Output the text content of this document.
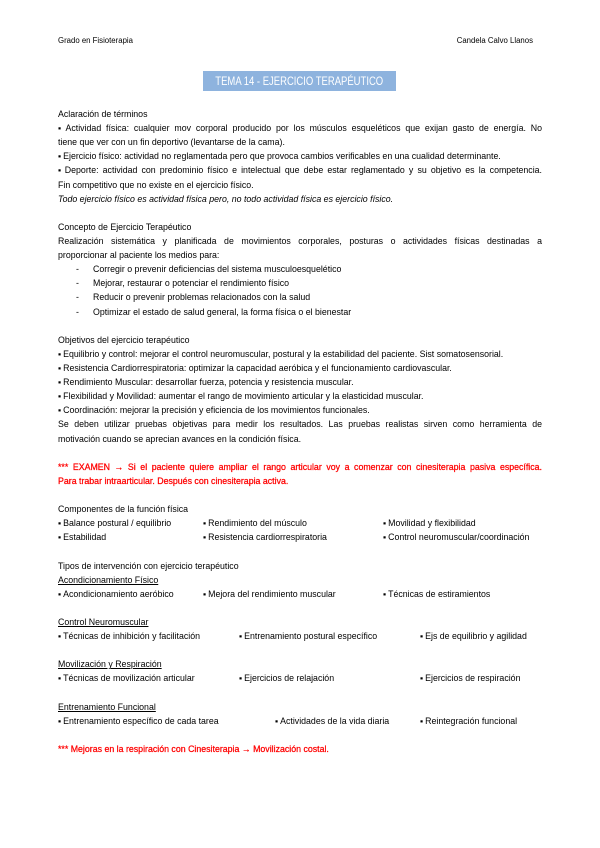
Grado en Fisioterapia	Candela Calvo Llanos
TEMA 14 - EJERCICIO TERAPÉUTICO
Aclaración de términos
▪ Actividad física: cualquier mov corporal producido por los músculos esqueléticos que exijan gasto de energía. No
tiene que ver con un fin deportivo (levantarse de la cama).
▪ Ejercicio físico: actividad no reglamentada pero que provoca cambios verificables en una cualidad determinante.
▪ Deporte: actividad con predominio físico e intelectual que debe estar reglamentado y su objetivo es la competencia.
Fin competitivo que no existe en el ejercicio físico.
Todo ejercicio físico es actividad física pero, no todo actividad física es ejercicio físico.
Concepto de Ejercicio Terapéutico
Realización sistemática y planificada de movimientos corporales, posturas o actividades físicas destinadas a
proporcionar al paciente los medios para:
- Corregir o prevenir deficiencias del sistema musculoesquelético
- Mejorar, restaurar o potenciar el rendimiento físico
- Reducir o prevenir problemas relacionados con la salud
- Optimizar el estado de salud general, la forma física o el bienestar
Objetivos del ejercicio terapéutico
▪ Equilibrio y control: mejorar el control neuromuscular, postural y la estabilidad del paciente. Sist somatosensorial.
▪ Resistencia Cardiorrespiratoria: optimizar la capacidad aeróbica y el funcionamiento cardiovascular.
▪ Rendimiento Muscular: desarrollar fuerza, potencia y resistencia muscular.
▪ Flexibilidad y Movilidad: aumentar el rango de movimiento articular y la elasticidad muscular.
▪ Coordinación: mejorar la precisión y eficiencia de los movimientos funcionales.
Se deben utilizar pruebas objetivas para medir los resultados. Las pruebas realistas sirven como herramienta de
motivación cuando se aprecian avances en la condición física.
*** EXAMEN → Si el paciente quiere ampliar el rango articular voy a comenzar con cinesiterapia pasiva específica.
Para trabar intraarticular. Después con cinesiterapia activa.
Componentes de la función física
▪ Balance postural / equilibrio	▪ Rendimiento del músculo	▪ Movilidad y flexibilidad
▪ Estabilidad	▪ Resistencia cardiorrespiratoria	▪ Control neuromuscular/coordinación
Tipos de intervención con ejercicio terapéutico
Acondicionamiento Físico
▪ Acondicionamiento aeróbico	▪ Mejora del rendimiento muscular	▪ Técnicas de estiramientos
Control Neuromuscular
▪ Técnicas de inhibición y facilitación	▪ Entrenamiento postural específico	▪ Ejs de equilibrio y agilidad
Movilización y Respiración
▪ Técnicas de movilización articular	▪ Ejercicios de relajación	▪ Ejercicios de respiración
Entrenamiento Funcional
▪ Entrenamiento específico de cada tarea	▪ Actividades de la vida diaria	▪ Reintegración funcional
*** Mejoras en la respiración con Cinesiterapia → Movilización costal.
